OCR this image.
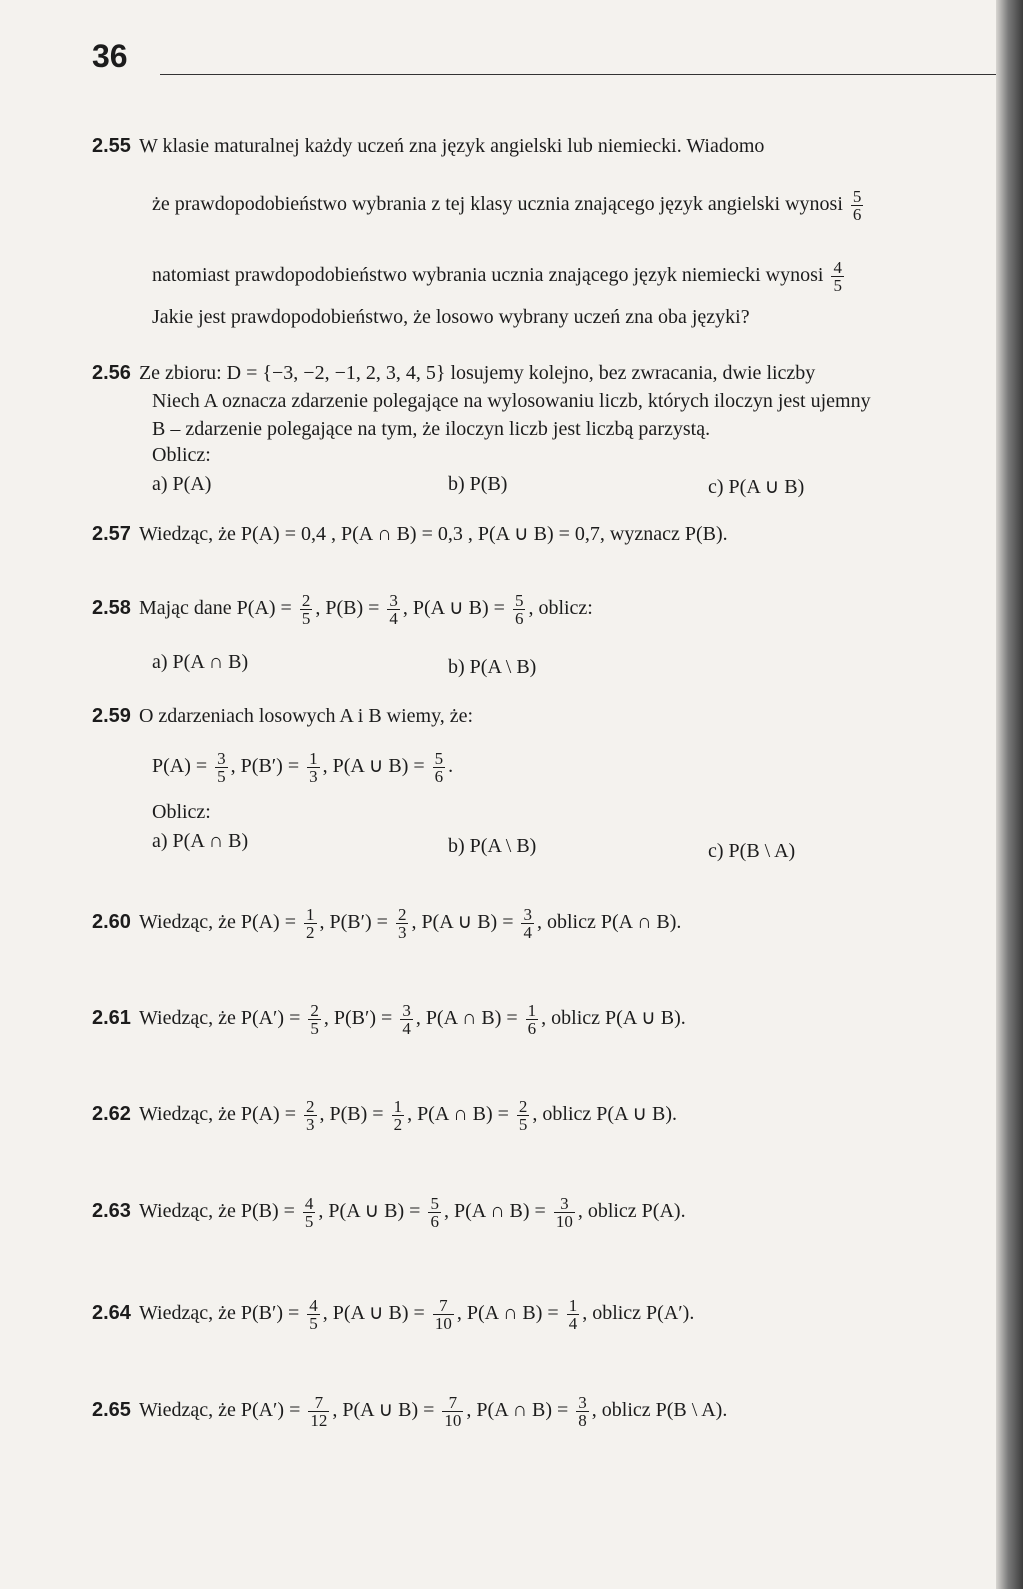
36
2.55 W klasie maturalnej każdy uczeń zna język angielski lub niemiecki. Wiadomo
że prawdopodobieństwo wybrania z tej klasy ucznia znającego język angielski wynosi $\frac{5}{6}$
natomiast prawdopodobieństwo wybrania ucznia znającego język niemiecki wynosi $\frac{4}{5}$
Jakie jest prawdopodobieństwo, że losowo wybrany uczeń zna oba języki?
2.56 Ze zbioru: D = {−3, −2, −1, 2, 3, 4, 5} losujemy kolejno, bez zwracania, dwie liczby
Niech A oznacza zdarzenie polegające na wylosowaniu liczb, których iloczyn jest ujemny
B – zdarzenie polegające na tym, że iloczyn liczb jest liczbą parzystą.
Oblicz:
a) P(A)	b) P(B)	c) P(A ∪ B)
2.57 Wiedząc, że P(A) = 0,4 , P(A ∩ B) = 0,3 , P(A ∪ B) = 0,7, wyznacz P(B).
2.58 Mając dane $P(A) = \frac{2}{5}$ , $P(B) = \frac{3}{4}$ , P(A ∪ $B) = \frac{5}{6}$ , oblicz:
a) P(A ∩ B)	b) P(A \ B)
2.59 O zdarzeniach losowych A i B wiemy, że:
$P(A) = \frac{3}{5}$ , $P(B') = \frac{1}{3}$ , P(A ∪ $B) = \frac{5}{6}$ .
Oblicz:
a) P(A ∩ B)	b) P(A \ B)	c) P(B \ A)
2.60 Wiedząc, że $P(A) = \frac{1}{2}$ , $P(B') = \frac{2}{3}$ , P(A ∪ $B) = \frac{3}{4}$ , oblicz P(A ∩ B).
2.61 Wiedząc, że $P(A') = \frac{2}{5}$ , $P(B') = \frac{3}{4}$ , P(A ∩ $B) = \frac{1}{6}$ , oblicz P(A ∪ B).
2.62 Wiedząc, że $P(A) = \frac{2}{3}$ , $P(B) = \frac{1}{2}$ , P(A ∩ $B) = \frac{2}{5}$ , oblicz P(A ∪ B).
2.63 Wiedząc, że $P(B) = \frac{4}{5}$ , P(A ∪ $B) = \frac{5}{6}$ , P(A ∩ $B) = \frac{3}{10}$ , oblicz P(A).
2.64 Wiedząc, że $P(B') = \frac{4}{5}$ , P(A ∪ $B) = \frac{7}{10}$ , P(A ∩ $B) = \frac{1}{4}$ , oblicz P(A′).
2.65 Wiedząc, że $P(A') = \frac{7}{12}$ , P(A ∪ $B) = \frac{7}{10}$ , P(A ∩ $B) = \frac{3}{8}$ , oblicz P(B \ A).
